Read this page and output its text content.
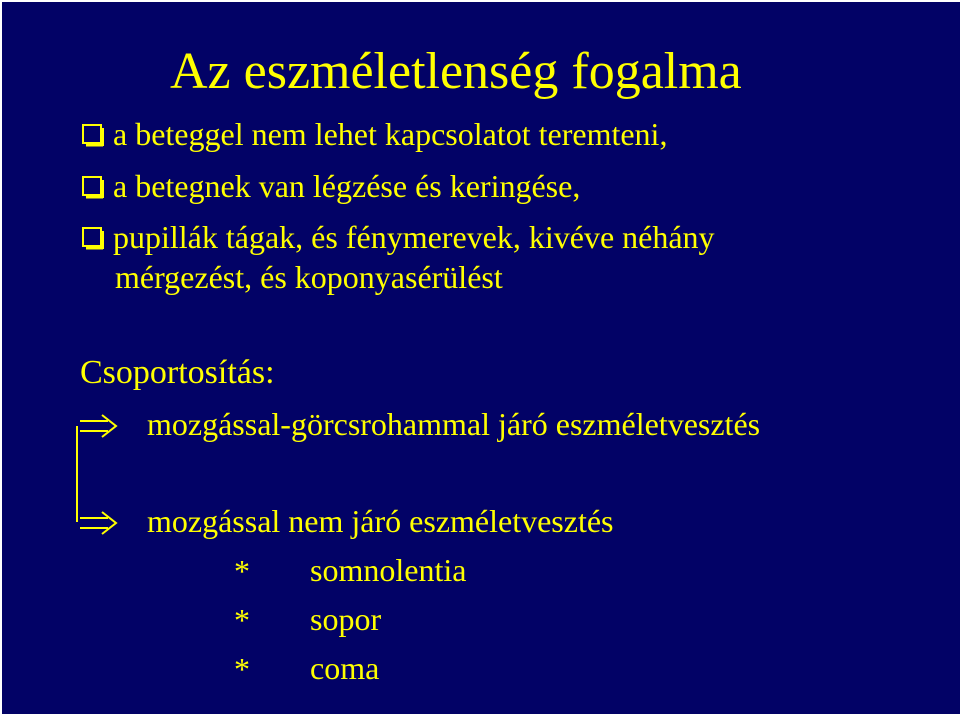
Az eszméletlenség fogalma
a beteggel nem lehet kapcsolatot teremteni,
a betegnek van légzése és keringése,
pupillák tágak, és fénymerevek, kivéve néhány
mérgezést, és koponyasérülést
Csoportosítás:
mozgással-görcsrohammal járó eszméletvesztés
mozgással nem járó eszméletvesztés
* somnolentia
* sopor
* coma
